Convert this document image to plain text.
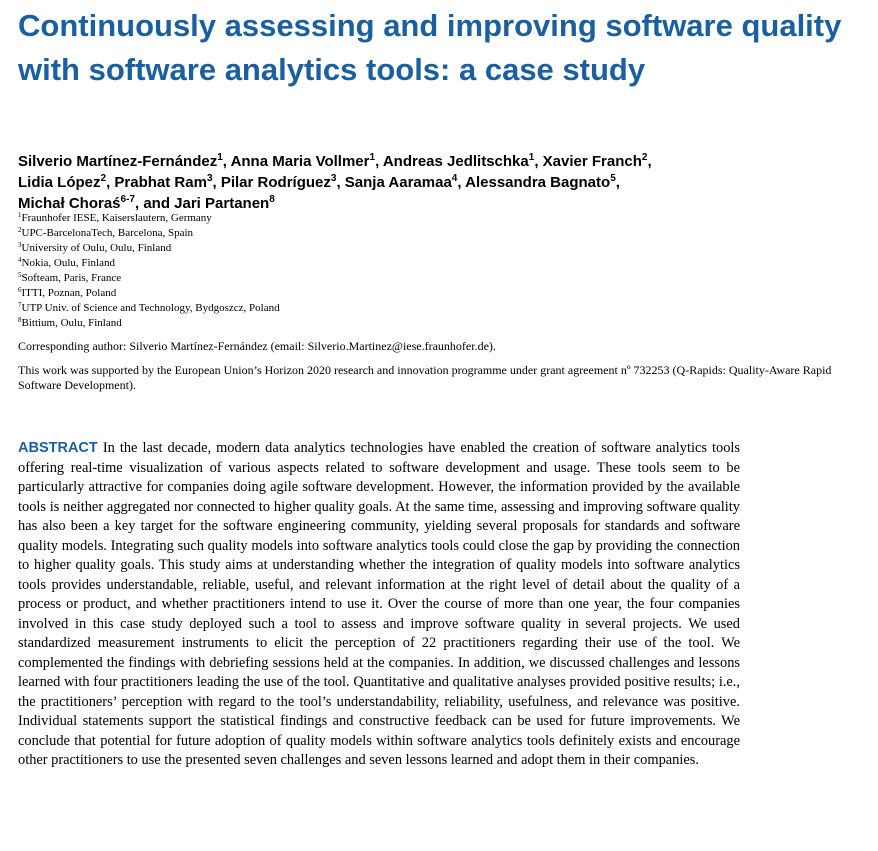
Continuously assessing and improving software quality with software analytics tools: a case study

Silverio Martínez-Fernández$^1$, Anna Maria Vollmer$^1$, Andreas Jedlitschka$^1$, Xavier Franch$^2$,
Lidia López$^2$, Prabhat Ram$^3$, Pilar Rodríguez$^3$, Sanja Aaramaa$^4$, Alessandra Bagnato$^5$,
Michał Choraś$^{6-7}$, and Jari Partanen$^8$

$^1$Fraunhofer IESE, Kaiserslautern, Germany
$^2$UPC-BarcelonaTech, Barcelona, Spain
$^3$University of Oulu, Oulu, Finland
$^4$Nokia, Oulu, Finland
$^5$Softeam, Paris, France
$^6$ITTI, Poznan, Poland
$^7$UTP Univ. of Science and Technology, Bydgoszcz, Poland
$^8$Bittium, Oulu, Finland
Corresponding author: Silverio Martínez-Fernández (email: Silverio.Martinez@iese.fraunhofer.de).
This work was supported by the European Union’s Horizon 2020 research and innovation programme under grant agreement nº 732253 (Q-Rapids: Quality-Aware Rapid Software Development).

ABSTRACT In the last decade, modern data analytics technologies have enabled the creation of software analytics tools offering real-time visualization of various aspects related to software development and usage. These tools seem to be particularly attractive for companies doing agile software development. However, the information provided by the available tools is neither aggregated nor connected to higher quality goals. At the same time, assessing and improving software quality has also been a key target for the software engineering community, yielding several proposals for standards and software quality models. Integrating such quality models into software analytics tools could close the gap by providing the connection to higher quality goals. This study aims at understanding whether the integration of quality models into software analytics tools provides understandable, reliable, useful, and relevant information at the right level of detail about the quality of a process or product, and whether practitioners intend to use it. Over the course of more than one year, the four companies involved in this case study deployed such a tool to assess and improve software quality in several projects. We used standardized measurement instruments to elicit the perception of 22 practitioners regarding their use of the tool. We complemented the findings with debriefing sessions held at the companies. In addition, we discussed challenges and lessons learned with four practitioners leading the use of the tool. Quantitative and qualitative analyses provided positive results; i.e., the practitioners’ perception with regard to the tool’s understandability, reliability, usefulness, and relevance was positive. Individual statements support the statistical findings and constructive feedback can be used for future improvements. We conclude that potential for future adoption of quality models within software analytics tools definitely exists and encourage other practitioners to use the presented seven challenges and seven lessons learned and adopt them in their companies.
